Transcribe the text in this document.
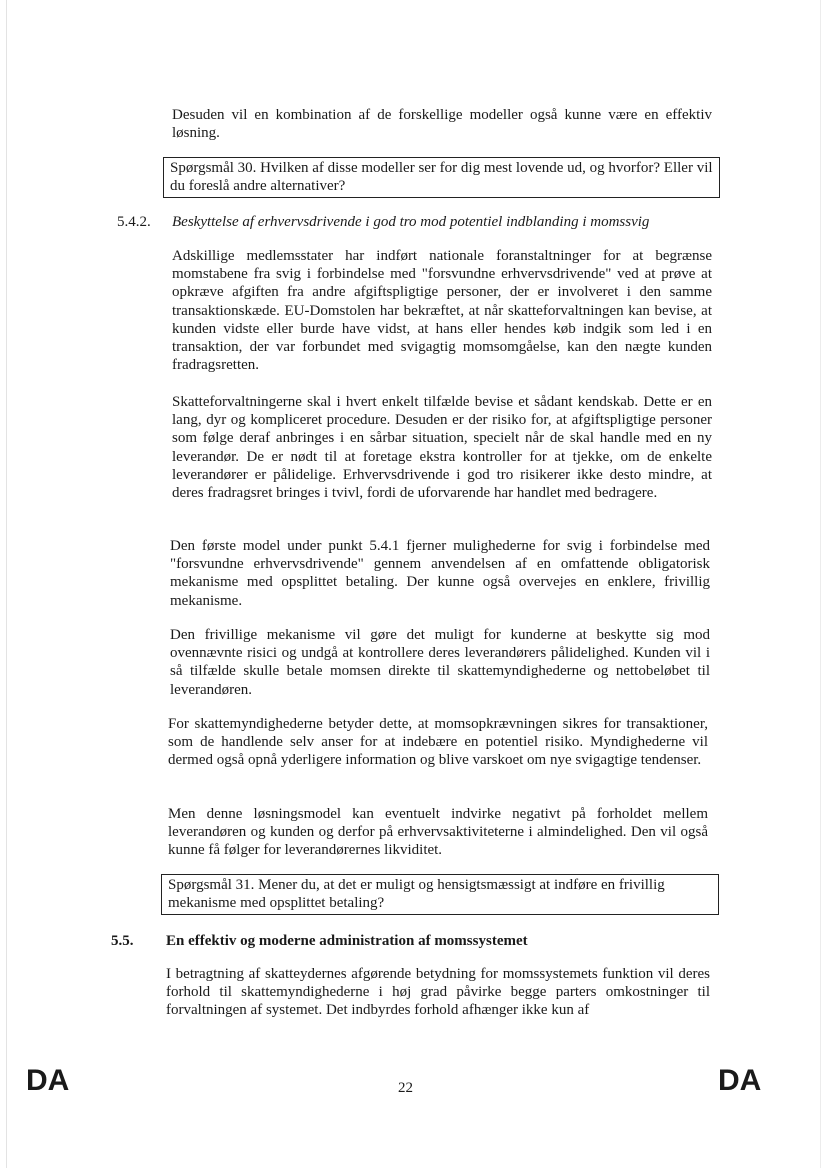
Desuden vil en kombination af de forskellige modeller også kunne være en effektiv løsning.

Spørgsmål 30. Hvilken af disse modeller ser for dig mest lovende ud, og hvorfor? Eller vil du foreslå andre alternativer?
5.4.2. Beskyttelse af erhvervsdrivende i god tro mod potentiel indblanding i momssvig

Adskillige medlemsstater har indført nationale foranstaltninger for at begrænse momstabene fra svig i forbindelse med "forsvundne erhvervsdrivende" ved at prøve at opkræve afgiften fra andre afgiftspligtige personer, der er involveret i den samme transaktionskæde. EU-Domstolen har bekræftet, at når skatteforvaltningen kan bevise, at kunden vidste eller burde have vidst, at hans eller hendes køb indgik som led i en transaktion, der var forbundet med svigagtig momsomgåelse, kan den nægte kunden fradragsretten.

Skatteforvaltningerne skal i hvert enkelt tilfælde bevise et sådant kendskab. Dette er en lang, dyr og kompliceret procedure. Desuden er der risiko for, at afgiftspligtige personer som følge deraf anbringes i en sårbar situation, specielt når de skal handle med en ny leverandør. De er nødt til at foretage ekstra kontroller for at tjekke, om de enkelte leverandører er pålidelige. Erhvervsdrivende i god tro risikerer ikke desto mindre, at deres fradragsret bringes i tvivl, fordi de uforvarende har handlet med bedragere.

Den første model under punkt 5.4.1 fjerner mulighederne for svig i forbindelse med "forsvundne erhvervsdrivende" gennem anvendelsen af en omfattende obligatorisk mekanisme med opsplittet betaling. Der kunne også overvejes en enklere, frivillig mekanisme.

Den frivillige mekanisme vil gøre det muligt for kunderne at beskytte sig mod ovennævnte risici og undgå at kontrollere deres leverandørers pålidelighed. Kunden vil i så tilfælde skulle betale momsen direkte til skattemyndighederne og nettobeløbet til leverandøren.

For skattemyndighederne betyder dette, at momsopkrævningen sikres for transaktioner, som de handlende selv anser for at indebære en potentiel risiko. Myndighederne vil dermed også opnå yderligere information og blive varskoet om nye svigagtige tendenser.

Men denne løsningsmodel kan eventuelt indvirke negativt på forholdet mellem leverandøren og kunden og derfor på erhvervsaktiviteterne i almindelighed. Den vil også kunne få følger for leverandørernes likviditet.

Spørgsmål 31. Mener du, at det er muligt og hensigtsmæssigt at indføre en frivillig mekanisme med opsplittet betaling?
5.5. En effektiv og moderne administration af momssystemet

I betragtning af skatteydernes afgørende betydning for momssystemets funktion vil deres forhold til skattemyndighederne i høj grad påvirke begge parters omkostninger til forvaltningen af systemet. Det indbyrdes forhold afhænger ikke kun af

DA	22	DA
